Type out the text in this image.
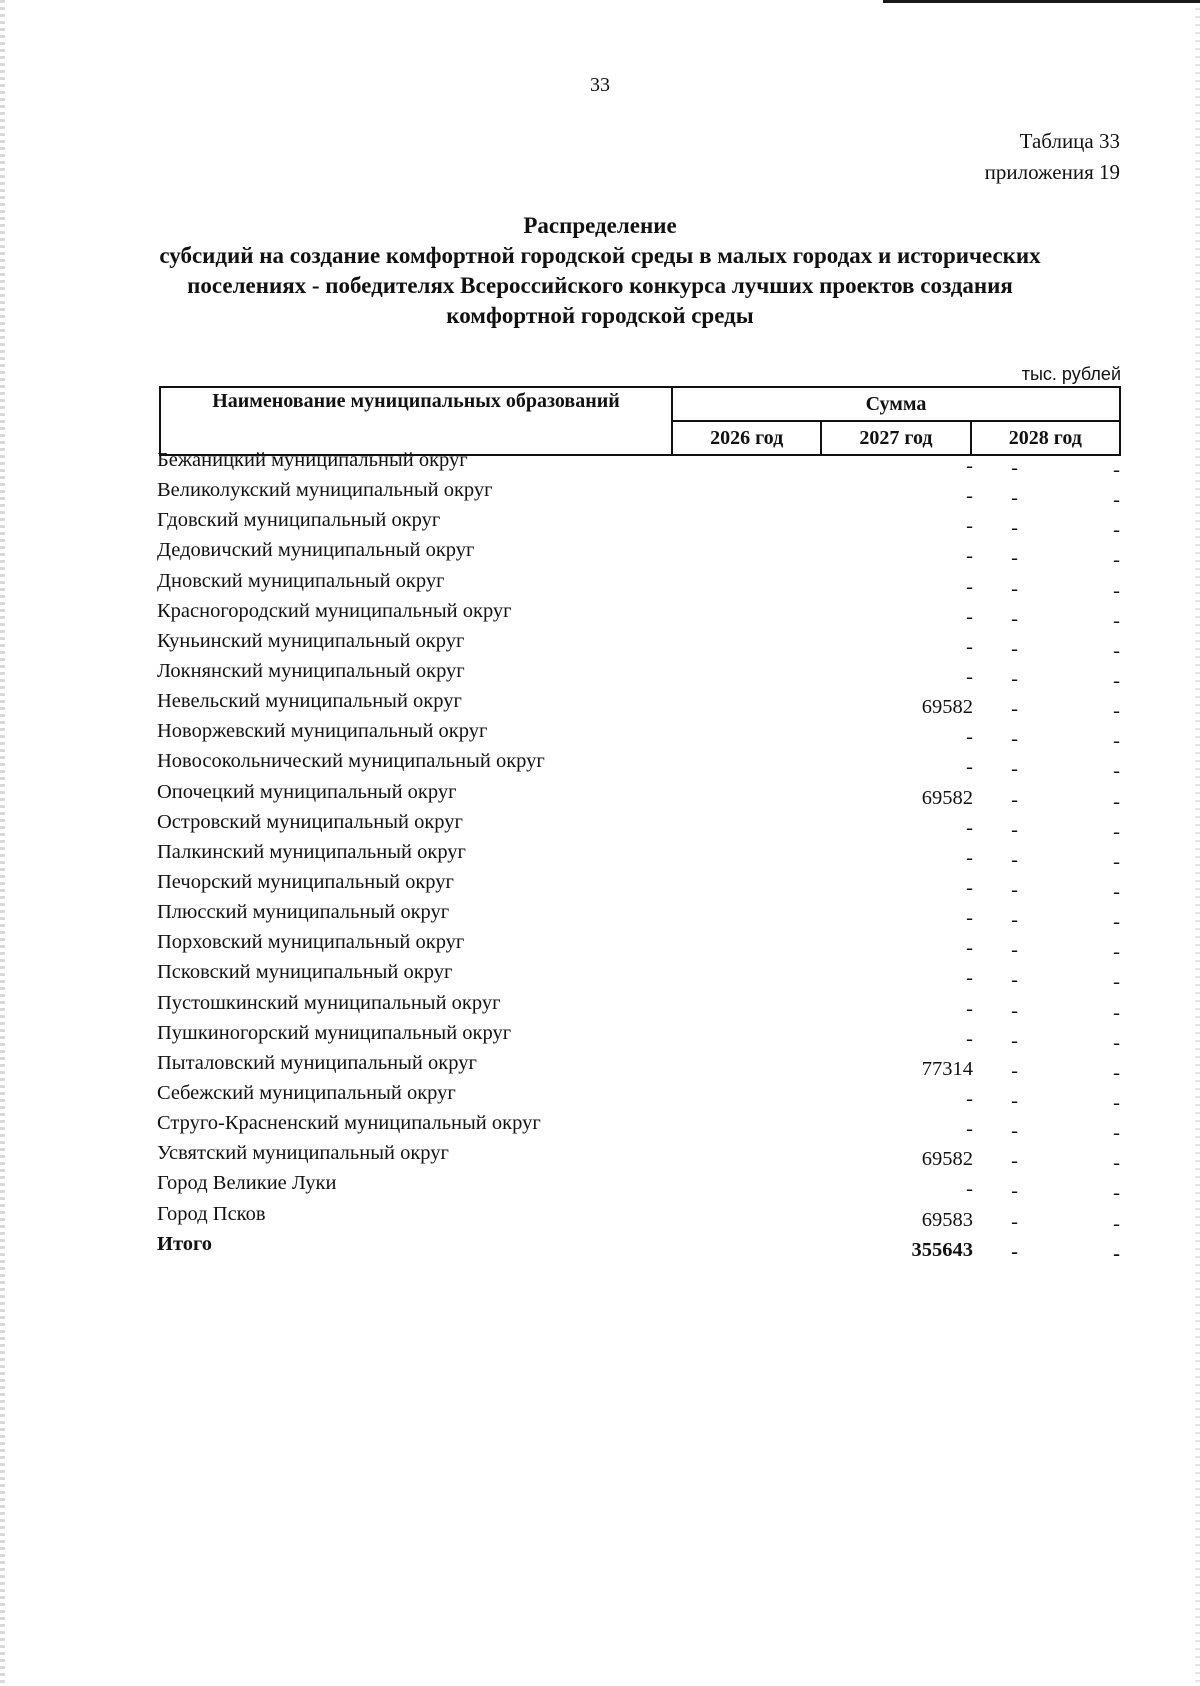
33
Таблица 33
приложения 19
Распределение
субсидий на создание комфортной городской среды в малых городах и исторических
поселениях - победителях Всероссийского конкурса лучших проектов создания
комфортной городской среды
тыс. рублей
Наименование муниципальных образований	Сумма		
	2026 год	2027 год	2028 год
Бежаницкий муниципальный округ	-	-	-
Великолукский муниципальный округ	-	-	-
Гдовский муниципальный округ	-	-	-
Дедовичский муниципальный округ	-	-	-
Дновский муниципальный округ	-	-	-
Красногородский муниципальный округ	-	-	-
Куньинский муниципальный округ	-	-	-
Локнянский муниципальный округ	-	-	-
Невельский муниципальный округ	69582	-	-
Новоржевский муниципальный округ	-	-	-
Новосокольнический муниципальный округ	-	-	-
Опочецкий муниципальный округ	69582	-	-
Островский муниципальный округ	-	-	-
Палкинский муниципальный округ	-	-	-
Печорский муниципальный округ	-	-	-
Плюсский муниципальный округ	-	-	-
Порховский муниципальный округ	-	-	-
Псковский муниципальный округ	-	-	-
Пустошкинский муниципальный округ	-	-	-
Пушкиногорский муниципальный округ	-	-	-
Пыталовский муниципальный округ	77314	-	-
Себежский муниципальный округ	-	-	-
Струго-Красненский муниципальный округ	-	-	-
Усвятский муниципальный округ	69582	-	-
Город Великие Луки	-	-	-
Город Псков	69583	-	-
Итого	355643	-	-
